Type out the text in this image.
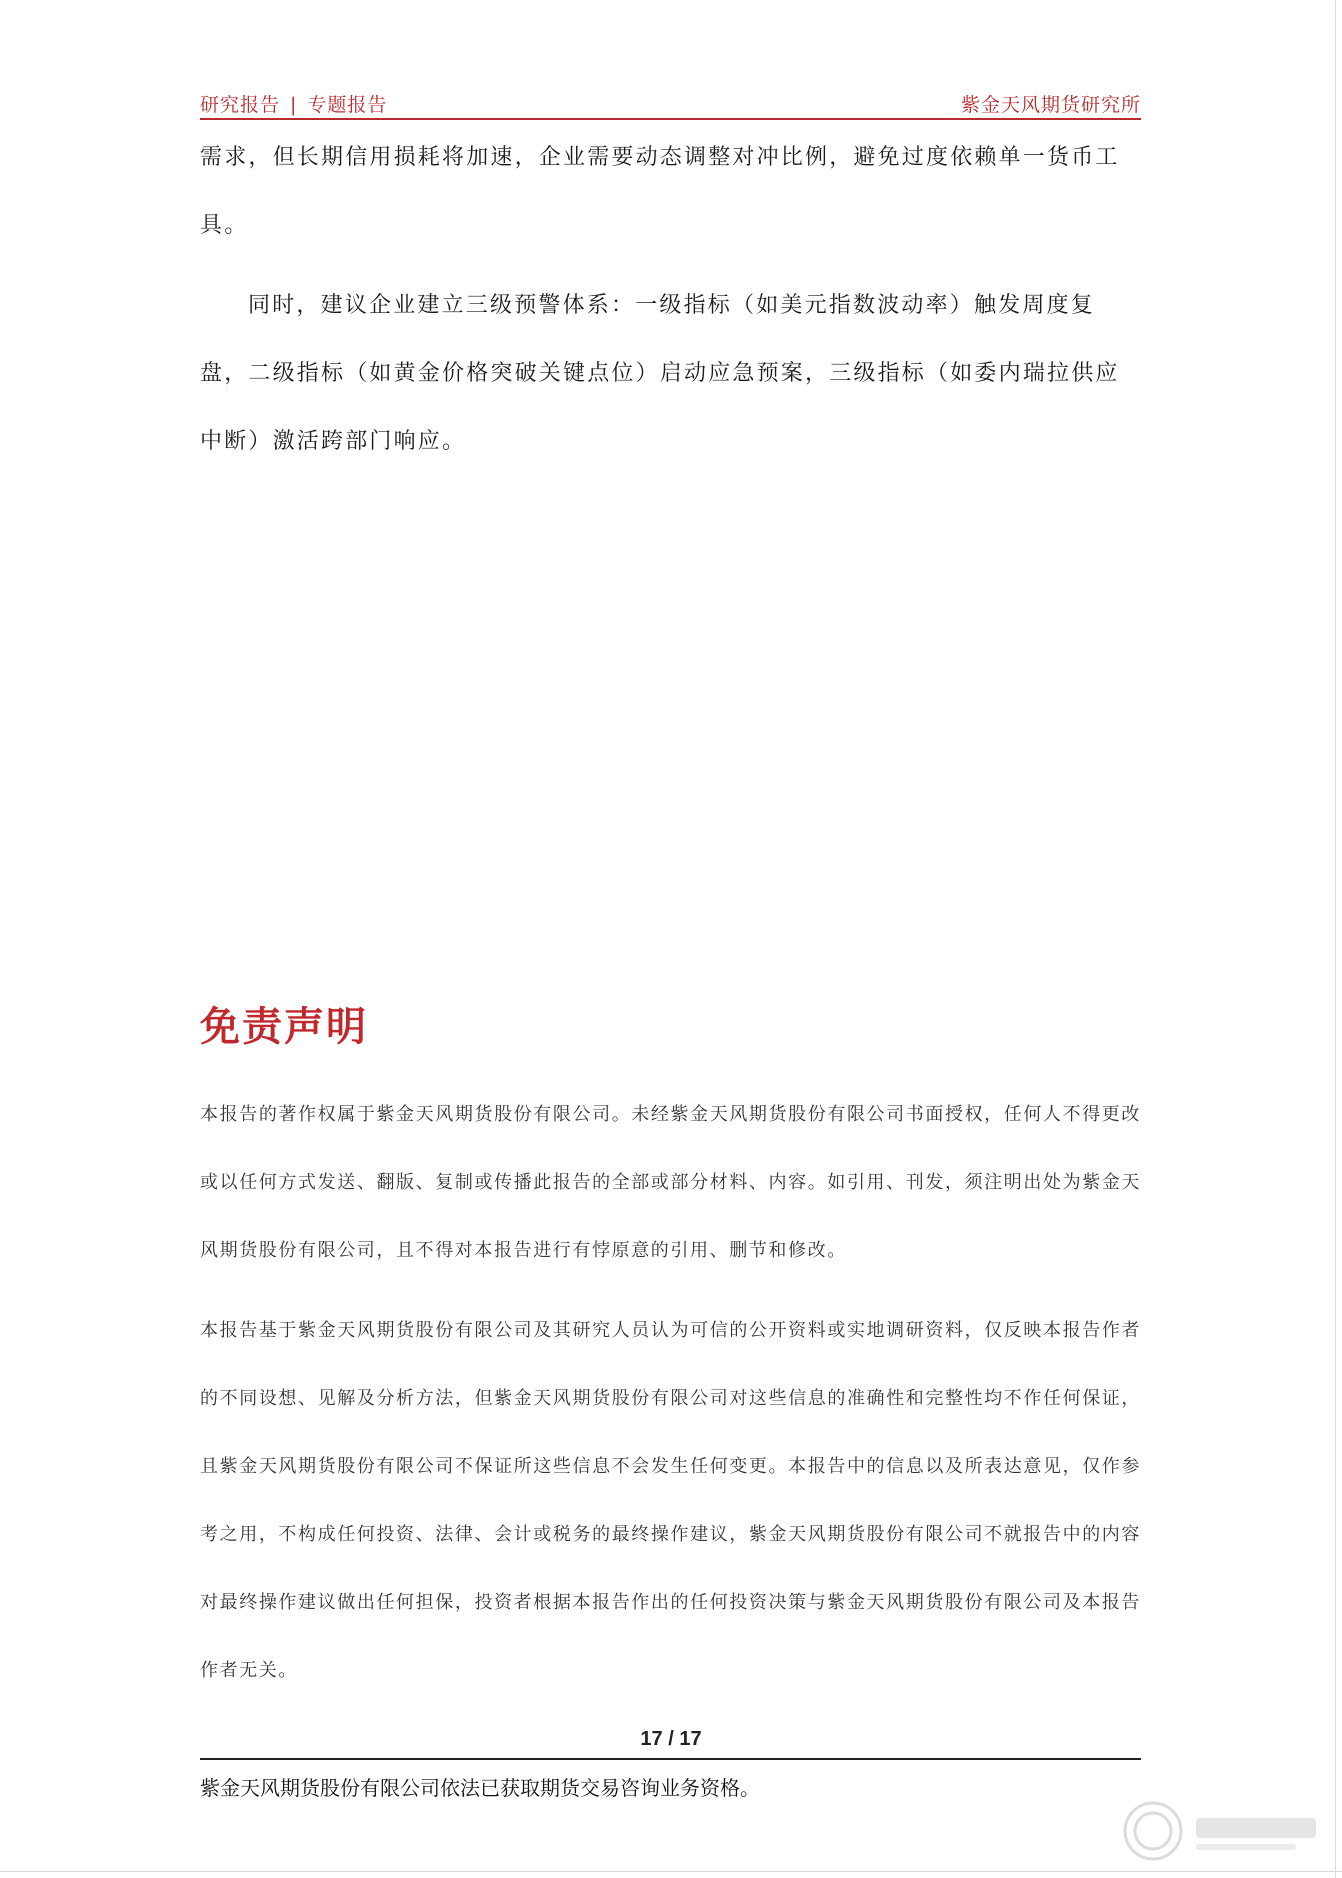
研究报告 | 专题报告	紫金天风期货研究所
需求，但长期信用损耗将加速，企业需要动态调整对冲比例，避免过度依赖单一货币工具。
同时，建议企业建立三级预警体系：一级指标（如美元指数波动率）触发周度复盘，二级指标（如黄金价格突破关键点位）启动应急预案，三级指标（如委内瑞拉供应中断）激活跨部门响应。
免责声明
本报告的著作权属于紫金天风期货股份有限公司。未经紫金天风期货股份有限公司书面授权，任何人不得更改或以任何方式发送、翻版、复制或传播此报告的全部或部分材料、内容。如引用、刊发，须注明出处为紫金天风期货股份有限公司，且不得对本报告进行有悖原意的引用、删节和修改。
本报告基于紫金天风期货股份有限公司及其研究人员认为可信的公开资料或实地调研资料，仅反映本报告作者的不同设想、见解及分析方法，但紫金天风期货股份有限公司对这些信息的准确性和完整性均不作任何保证，且紫金天风期货股份有限公司不保证所这些信息不会发生任何变更。本报告中的信息以及所表达意见，仅作参考之用，不构成任何投资、法律、会计或税务的最终操作建议，紫金天风期货股份有限公司不就报告中的内容对最终操作建议做出任何担保，投资者根据本报告作出的任何投资决策与紫金天风期货股份有限公司及本报告作者无关。
17 / 17
紫金天风期货股份有限公司依法已获取期货交易咨询业务资格。
